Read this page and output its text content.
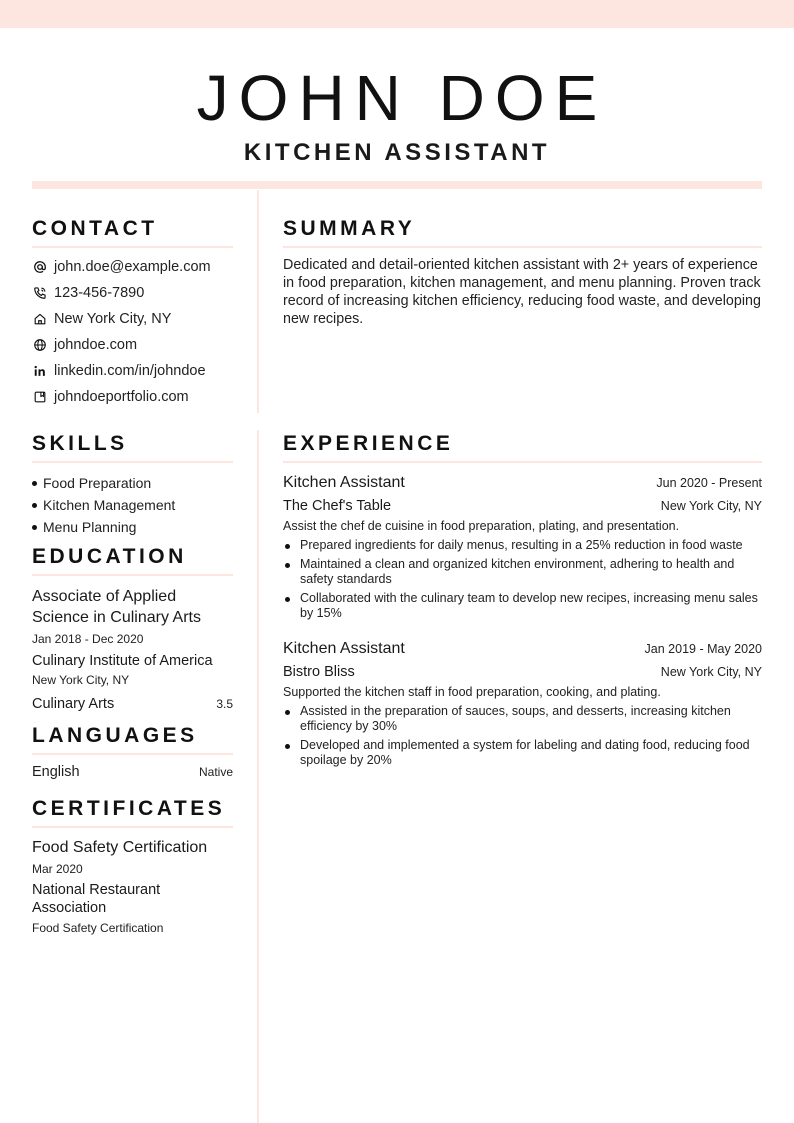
JOHN DOE
KITCHEN ASSISTANT
CONTACT
john.doe@example.com
123-456-7890
New York City, NY
johndoe.com
linkedin.com/in/johndoe
johndoeportfolio.com
SUMMARY
Dedicated and detail-oriented kitchen assistant with 2+ years of experience in food preparation, kitchen management, and menu planning. Proven track record of increasing kitchen efficiency, reducing food waste, and developing new recipes.
SKILLS
Food Preparation
Kitchen Management
Menu Planning
EDUCATION
Associate of Applied Science in Culinary Arts
Jan 2018 - Dec 2020
Culinary Institute of America
New York City, NY
Culinary Arts	3.5
LANGUAGES
English	Native
CERTIFICATES
Food Safety Certification
Mar 2020
National Restaurant Association
Food Safety Certification
EXPERIENCE
Kitchen Assistant	Jun 2020 - Present
The Chef's Table	New York City, NY
Assist the chef de cuisine in food preparation, plating, and presentation.
Prepared ingredients for daily menus, resulting in a 25% reduction in food waste
Maintained a clean and organized kitchen environment, adhering to health and safety standards
Collaborated with the culinary team to develop new recipes, increasing menu sales by 15%
Kitchen Assistant	Jan 2019 - May 2020
Bistro Bliss	New York City, NY
Supported the kitchen staff in food preparation, cooking, and plating.
Assisted in the preparation of sauces, soups, and desserts, increasing kitchen efficiency by 30%
Developed and implemented a system for labeling and dating food, reducing food spoilage by 20%
